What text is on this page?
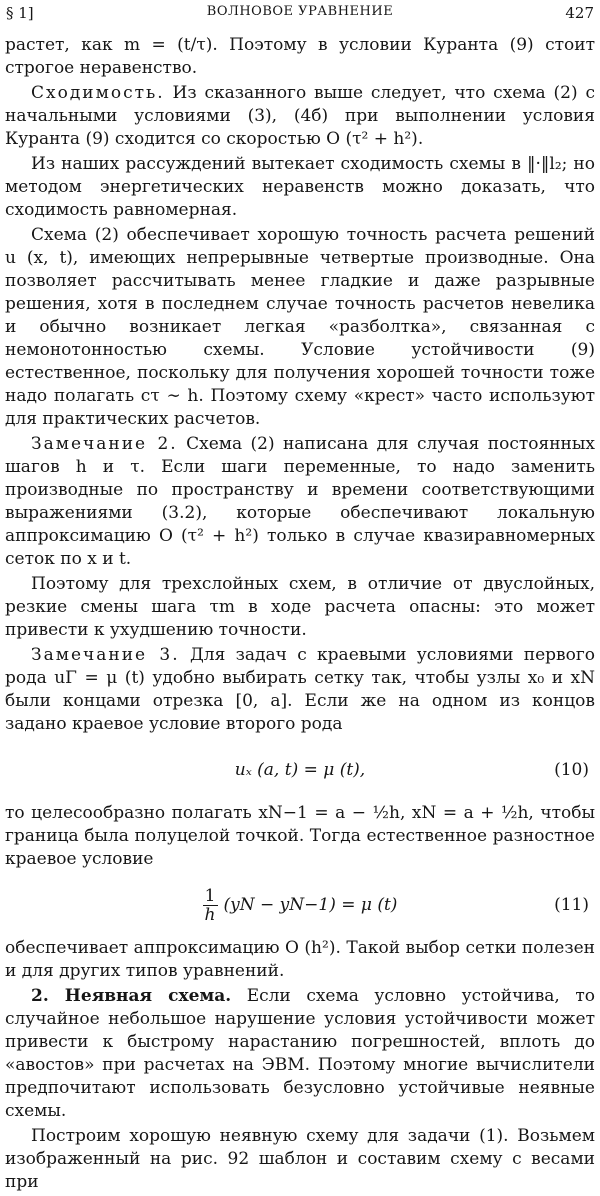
§ 1]	ВОЛНОВОЕ УРАВНЕНИЕ	427

растет, как m = (t/τ). Поэтому в условии Куранта (9) стоит строгое неравенство.

Сходимость. Из сказанного выше следует, что схема (2) с начальными условиями (3), (4б) при выполнении условия Куранта (9) сходится со скоростью O (τ² + h²).

Из наших рассуждений вытекает сходимость схемы в ‖·‖l₂; но методом энергетических неравенств можно доказать, что сходимость равномерная.

Схема (2) обеспечивает хорошую точность расчета решений u (x, t), имеющих непрерывные четвертые производные. Она позволяет рассчитывать менее гладкие и даже разрывные решения, хотя в последнем случае точность расчетов невелика и обычно возникает легкая «разболтка», связанная с немонотонностью схемы. Условие устойчивости (9) естественное, поскольку для получения хорошей точности тоже надо полагать cτ ∼ h. Поэтому схему «крест» часто используют для практических расчетов.

Замечание 2. Схема (2) написана для случая постоянных шагов h и τ. Если шаги переменные, то надо заменить производные по пространству и времени соответствующими выражениями (3.2), которые обеспечивают локальную аппроксимацию O (τ² + h²) только в случае квазиравномерных сеток по x и t.

Поэтому для трехслойных схем, в отличие от двуслойных, резкие смены шага τm в ходе расчета опасны: это может привести к ухудшению точности.

Замечание 3. Для задач с краевыми условиями первого рода uΓ = μ (t) удобно выбирать сетку так, чтобы узлы x₀ и xN были концами отрезка [0, a]. Если же на одном из концов задано краевое условие второго рода

uₓ (a, t) = μ (t),	(10)

то целесообразно полагать xN−1 = a − ½h, xN = a + ½h, чтобы граница была полуцелой точкой. Тогда естественное разностное краевое условие

$\frac{1}{h} (yN - yN-1) = \mu$ (t)	(11)

обеспечивает аппроксимацию O (h²). Такой выбор сетки полезен и для других типов уравнений.

2. Неявная схема. Если схема условно устойчива, то случайное небольшое нарушение условия устойчивости может привести к быстрому нарастанию погрешностей, вплоть до «авостов» при расчетах на ЭВМ. Поэтому многие вычислители предпочитают использовать безусловно устойчивые неявные схемы.

Построим хорошую неявную схему для задачи (1). Возьмем изображенный на рис. 92 шаблон и составим схему с весами при
